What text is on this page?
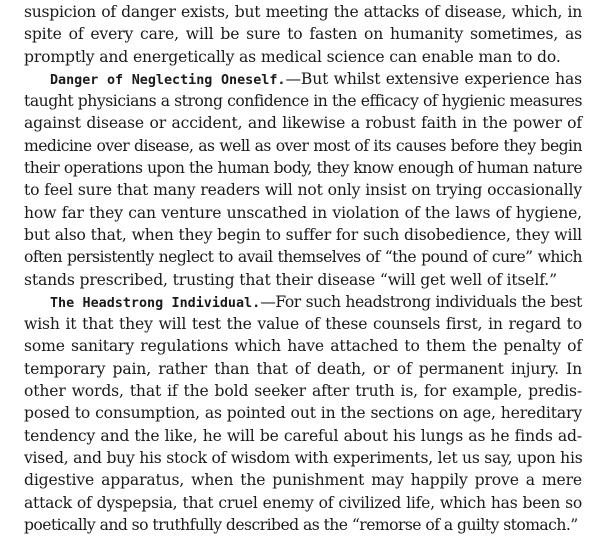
suspicion of danger exists, but meeting the attacks of disease, which, in
spite of every care, will be sure to fasten on humanity sometimes, as
promptly and energetically as medical science can enable man to do.
Danger of Neglecting Oneself.—But whilst extensive experience has
taught physicians a strong confidence in the efficacy of hygienic measures
against disease or accident, and likewise a robust faith in the power of
medicine over disease, as well as over most of its causes before they begin
their operations upon the human body, they know enough of human nature
to feel sure that many readers will not only insist on trying occasionally
how far they can venture unscathed in violation of the laws of hygiene,
but also that, when they begin to suffer for such disobedience, they will
often persistently neglect to avail themselves of “the pound of cure” which
stands prescribed, trusting that their disease “will get well of itself.”
The Headstrong Individual.—For such headstrong individuals the best
wish it that they will test the value of these counsels first, in regard to
some sanitary regulations which have attached to them the penalty of
temporary pain, rather than that of death, or of permanent injury. In
other words, that if the bold seeker after truth is, for example, predis-
posed to consumption, as pointed out in the sections on age, hereditary
tendency and the like, he will be careful about his lungs as he finds ad-
vised, and buy his stock of wisdom with experiments, let us say, upon his
digestive apparatus, when the punishment may happily prove a mere
attack of dyspepsia, that cruel enemy of civilized life, which has been so
poetically and so truthfully described as the “remorse of a guilty stomach.”
